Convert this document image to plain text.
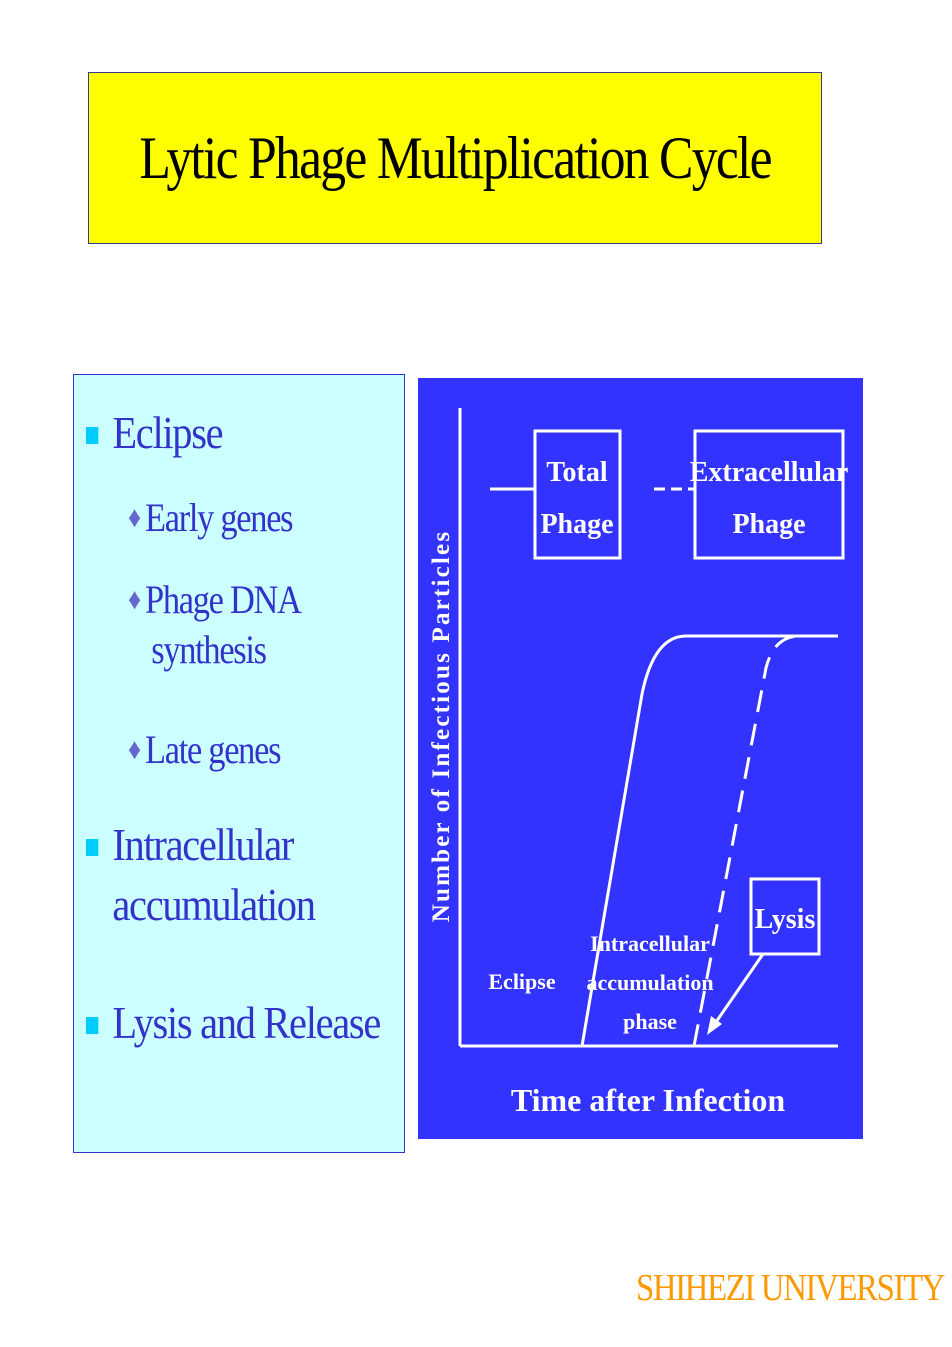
Lytic Phage Multiplication Cycle
Eclipse
♦ Early genes
♦ Phage DNA
synthesis
♦ Late genes
Intracellular
accumulation
Lysis and Release
Number of Infectious Particles
Total
Phage
Extracellular
Phage
Eclipse
Intracellular
accumulation
phase
Lysis
Time after Infection
SHIHEZI UNIVERSITY
